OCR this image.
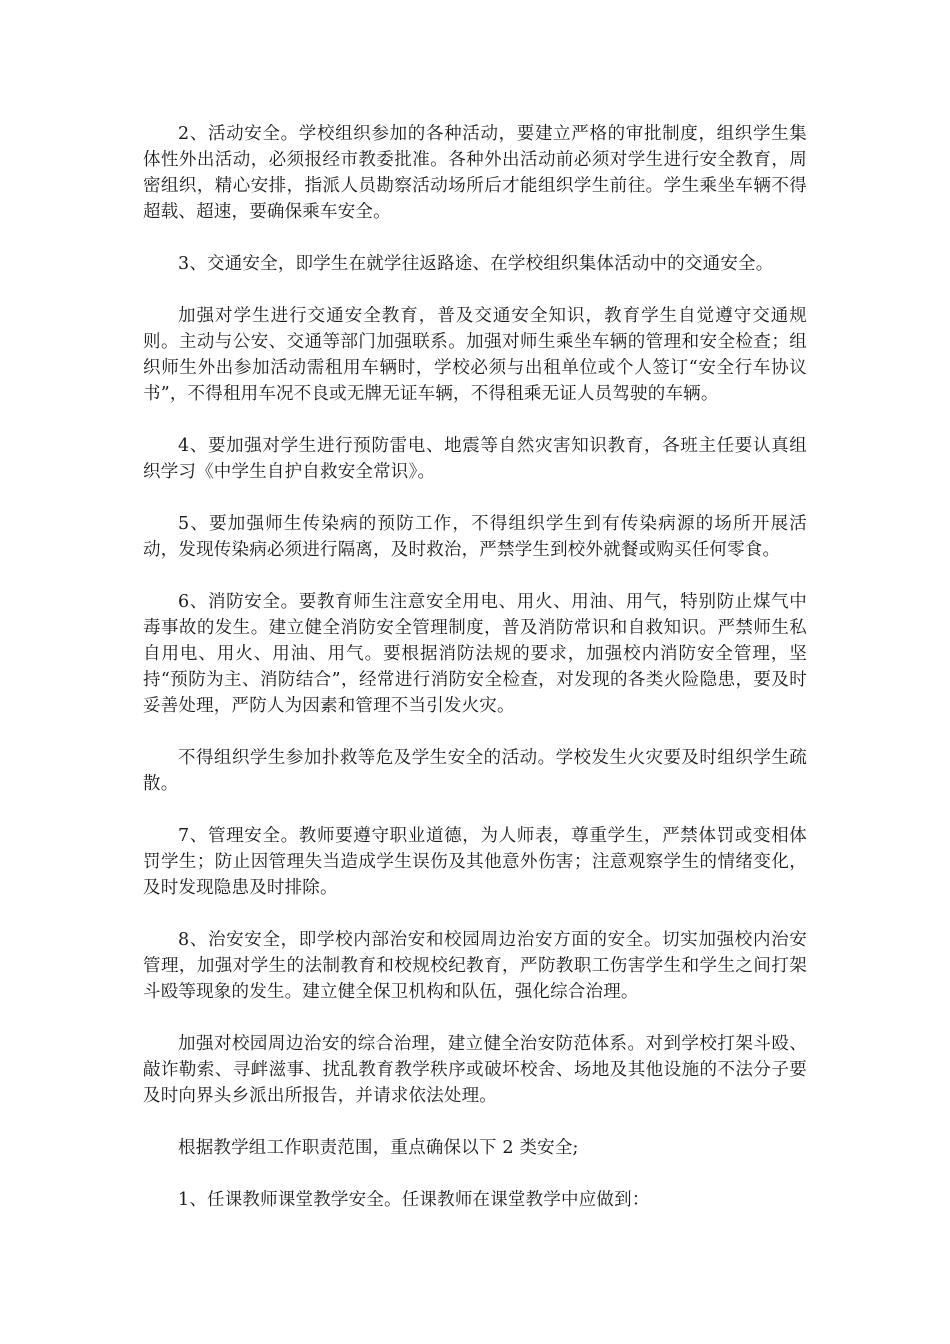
2、活动安全。学校组织参加的各种活动，要建立严格的审批制度，组织学生集体性外出活动，必须报经市教委批准。各种外出活动前必须对学生进行安全教育，周密组织，精心安排，指派人员勘察活动场所后才能组织学生前往。学生乘坐车辆不得超载、超速，要确保乘车安全。

3、交通安全，即学生在就学往返路途、在学校组织集体活动中的交通安全。

加强对学生进行交通安全教育，普及交通安全知识，教育学生自觉遵守交通规则。主动与公安、交通等部门加强联系。加强对师生乘坐车辆的管理和安全检查；组织师生外出参加活动需租用车辆时，学校必须与出租单位或个人签订“安全行车协议书”，不得租用车况不良或无牌无证车辆，不得租乘无证人员驾驶的车辆。

4、要加强对学生进行预防雷电、地震等自然灾害知识教育，各班主任要认真组织学习《中学生自护自救安全常识》。

5、要加强师生传染病的预防工作，不得组织学生到有传染病源的场所开展活动，发现传染病必须进行隔离，及时救治，严禁学生到校外就餐或购买任何零食。

6、消防安全。要教育师生注意安全用电、用火、用油、用气，特别防止煤气中毒事故的发生。建立健全消防安全管理制度，普及消防常识和自救知识。严禁师生私自用电、用火、用油、用气。要根据消防法规的要求，加强校内消防安全管理，坚持“预防为主、消防结合”，经常进行消防安全检查，对发现的各类火险隐患，要及时妥善处理，严防人为因素和管理不当引发火灾。

不得组织学生参加扑救等危及学生安全的活动。学校发生火灾要及时组织学生疏散。

7、管理安全。教师要遵守职业道德，为人师表，尊重学生，严禁体罚或变相体罚学生；防止因管理失当造成学生误伤及其他意外伤害；注意观察学生的情绪变化，及时发现隐患及时排除。

8、治安安全，即学校内部治安和校园周边治安方面的安全。切实加强校内治安管理，加强对学生的法制教育和校规校纪教育，严防教职工伤害学生和学生之间打架斗殴等现象的发生。建立健全保卫机构和队伍，强化综合治理。

加强对校园周边治安的综合治理，建立健全治安防范体系。对到学校打架斗殴、敲诈勒索、寻衅滋事、扰乱教育教学秩序或破坏校舍、场地及其他设施的不法分子要及时向界头乡派出所报告，并请求依法处理。

根据教学组工作职责范围，重点确保以下 2 类安全;

1、任课教师课堂教学安全。任课教师在课堂教学中应做到：
